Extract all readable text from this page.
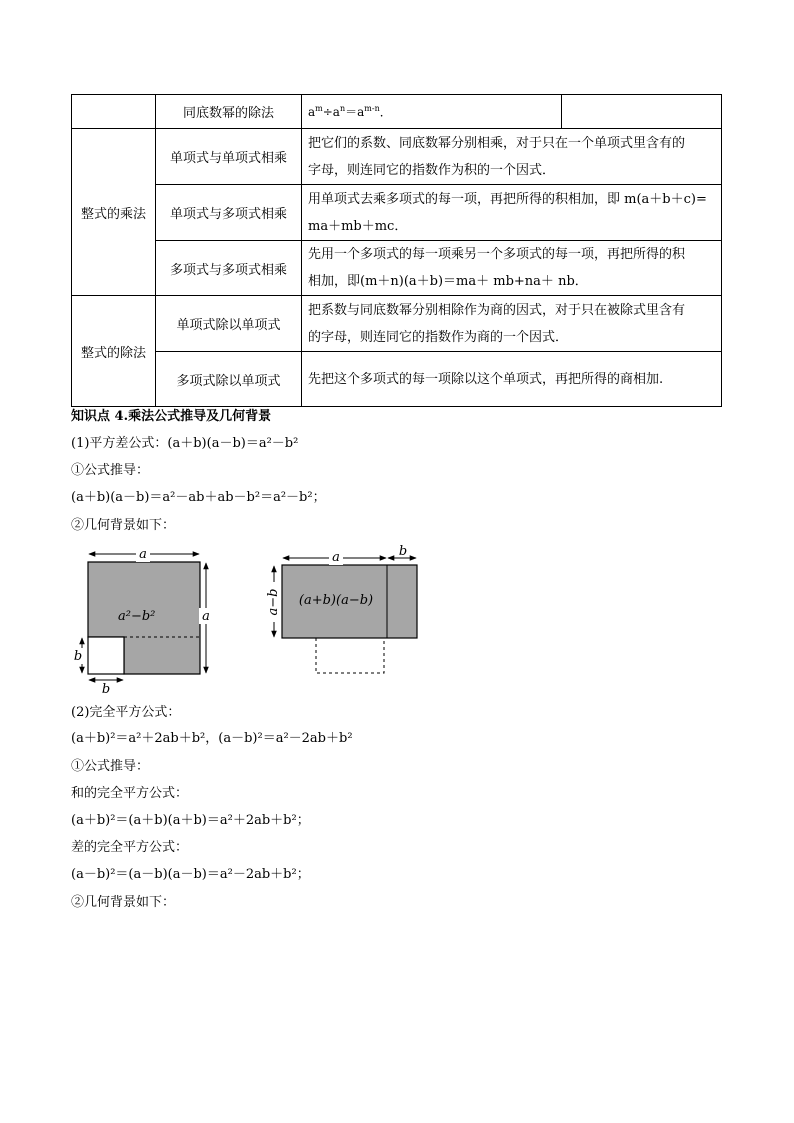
	同底数幂的除法	$a^m\div a^n=a^{m-n}$．	
整式的乘法	单项式与单项式相乘	把它们的系数、同底数幂分别相乘，对于只在一个单项式里含有的
字母，则连同它的指数作为积的一个因式．	
	单项式与多项式相乘	用单项式去乘多项式的每一项，再把所得的积相加，即 m(a＋b＋c)=
ma＋mb＋mc．	
	多项式与多项式相乘	先用一个多项式的每一项乘另一个多项式的每一项，再把所得的积
相加，即(m＋n)(a＋b)＝ma＋ mb+na＋ nb．	
整式的除法	单项式除以单项式	把系数与同底数幂分别相除作为商的因式，对于只在被除式里含有
的字母，则连同它的指数作为商的一个因式．	
	多项式除以单项式	先把这个多项式的每一项除以这个单项式，再把所得的商相加.	
知识点 4.乘法公式推导及几何背景
(1)平方差公式：(a＋b)(a－b)＝a²－b²
①公式推导：
(a＋b)(a－b)＝a²－ab＋ab－b²＝a²－b²；
②几何背景如下：
a
a
a²−b²
b
b
a	b
a−b (a+b)(a−b)
(2)完全平方公式：
(a＋b)²＝a²＋2ab＋b²，(a－b)²＝a²－2ab＋b²
①公式推导：
和的完全平方公式：
(a＋b)²＝(a＋b)(a＋b)＝a²＋2ab＋b²；
差的完全平方公式：
(a－b)²＝(a－b)(a－b)＝a²－2ab＋b²；
②几何背景如下：
